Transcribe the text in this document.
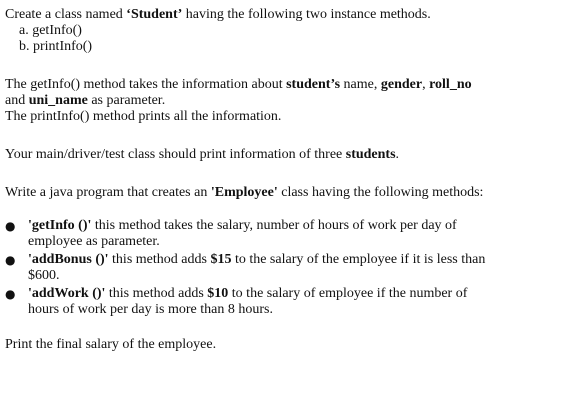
Create a class named ‘Student’ having the following two instance methods.

a. getInfo()

b. printInfo()

The getInfo() method takes the information about student’s name, gender, roll_no
and uni_name as parameter.

The printInfo() method prints all the information.

Your main/driver/test class should print information of three students.

Write a java program that creates an 'Employee' class having the following methods:

● 'getInfo ()' this method takes the salary, number of hours of work per day of
employee as parameter.
● 'addBonus ()' this method adds $15 to the salary of the employee if it is less than
$600.
● 'addWork ()' this method adds $10 to the salary of employee if the number of
hours of work per day is more than 8 hours.

Print the final salary of the employee.
